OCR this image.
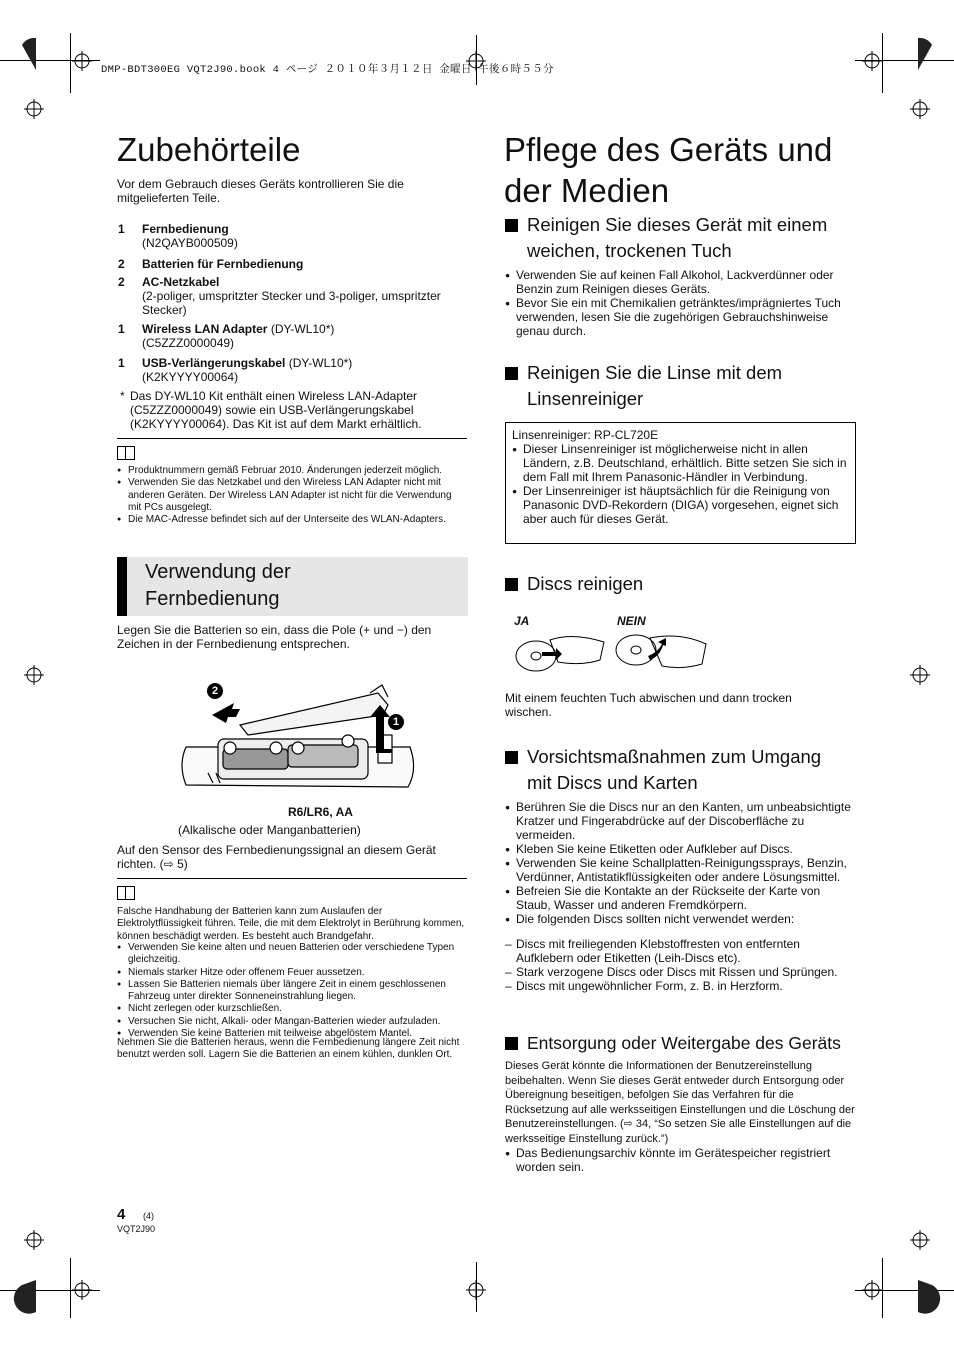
DMP-BDT300EG VQT2J90.book 4 ページ ２０１０年３月１２日 金曜日 午後６時５５分
Zubehörteile
Vor dem Gebrauch dieses Geräts kontrollieren Sie die mitgelieferten Teile.
1	Fernbedienung
(N2QAYB000509)
2	Batterien für Fernbedienung

2	AC-Netzkabel
(2-poliger, umspritzter Stecker und 3-poliger, umspritzter Stecker)
1	Wireless LAN Adapter (DY-WL10*)
(C5ZZZ0000049)
1	USB-Verlängerungskabel (DY-WL10*)
(K2KYYYY00064)
* Das DY-WL10 Kit enthält einen Wireless LAN-Adapter (C5ZZZ0000049) sowie ein USB-Verlängerungskabel (K2KYYYY00064). Das Kit ist auf dem Markt erhältlich.
● Produktnummern gemäß Februar 2010. Änderungen jederzeit möglich.
● Verwenden Sie das Netzkabel und den Wireless LAN Adapter nicht mit anderen Geräten. Der Wireless LAN Adapter ist nicht für die Verwendung mit PCs ausgelegt.
● Die MAC-Adresse befindet sich auf der Unterseite des WLAN-Adapters.
Verwendung der Fernbedienung
Legen Sie die Batterien so ein, dass die Pole (+ und −) den Zeichen in der Fernbedienung entsprechen.
2
1
R6/LR6, AA
(Alkalische oder Manganbatterien)
Auf den Sensor des Fernbedienungssignal an diesem Gerät richten. (⇨ 5)
Falsche Handhabung der Batterien kann zum Auslaufen der Elektrolytflüssigkeit führen. Teile, die mit dem Elektrolyt in Berührung kommen, können beschädigt werden. Es besteht auch Brandgefahr.
● Verwenden Sie keine alten und neuen Batterien oder verschiedene Typen gleichzeitig.
● Niemals starker Hitze oder offenem Feuer aussetzen.
● Lassen Sie Batterien niemals über längere Zeit in einem geschlossenen Fahrzeug unter direkter Sonneneinstrahlung liegen.
● Nicht zerlegen oder kurzschließen.
● Versuchen Sie nicht, Alkali- oder Mangan-Batterien wieder aufzuladen.
● Verwenden Sie keine Batterien mit teilweise abgelöstem Mantel.
Nehmen Sie die Batterien heraus, wenn die Fernbedienung längere Zeit nicht benutzt werden soll. Lagern Sie die Batterien an einem kühlen, dunklen Ort.
Pflege des Geräts und
der Medien
Reinigen Sie dieses Gerät mit einem weichen, trockenen Tuch
● Verwenden Sie auf keinen Fall Alkohol, Lackverdünner oder Benzin zum Reinigen dieses Geräts.
● Bevor Sie ein mit Chemikalien getränktes/imprägniertes Tuch verwenden, lesen Sie die zugehörigen Gebrauchshinweise genau durch.
Reinigen Sie die Linse mit dem Linsenreiniger
Linsenreiniger: RP-CL720E
● Dieser Linsenreiniger ist möglicherweise nicht in allen Ländern, z.B. Deutschland, erhältlich. Bitte setzen Sie sich in dem Fall mit Ihrem Panasonic-Händler in Verbindung.
● Der Linsenreiniger ist häuptsächlich für die Reinigung von Panasonic DVD-Rekordern (DIGA) vorgesehen, eignet sich aber auch für dieses Gerät.
Discs reinigen
JA	NEIN
Mit einem feuchten Tuch abwischen und dann trocken wischen.
Vorsichtsmaßnahmen zum Umgang mit Discs und Karten
● Berühren Sie die Discs nur an den Kanten, um unbeabsichtigte Kratzer und Fingerabdrücke auf der Discoberfläche zu vermeiden.
● Kleben Sie keine Etiketten oder Aufkleber auf Discs.
● Verwenden Sie keine Schallplatten-Reinigungssprays, Benzin, Verdünner, Antistatikflüssigkeiten oder andere Lösungsmittel.
● Befreien Sie die Kontakte an der Rückseite der Karte von Staub, Wasser und anderen Fremdkörpern.
● Die folgenden Discs sollten nicht verwendet werden:
– Discs mit freiliegenden Klebstoffresten von entfernten Aufklebern oder Etiketten (Leih-Discs etc).
– Stark verzogene Discs oder Discs mit Rissen und Sprüngen.
– Discs mit ungewöhnlicher Form, z. B. in Herzform.
Entsorgung oder Weitergabe des Geräts
Dieses Gerät könnte die Informationen der Benutzereinstellung beibehalten. Wenn Sie dieses Gerät entweder durch Entsorgung oder Übereignung beseitigen, befolgen Sie das Verfahren für die Rücksetzung auf alle werksseitigen Einstellungen und die Löschung der Benutzereinstellungen. (⇨ 34, “So setzen Sie alle Einstellungen auf die werksseitige Einstellung zurück.”)
● Das Bedienungsarchiv könnte im Gerätespeicher registriert worden sein.
4 (4)
VQT2J90
